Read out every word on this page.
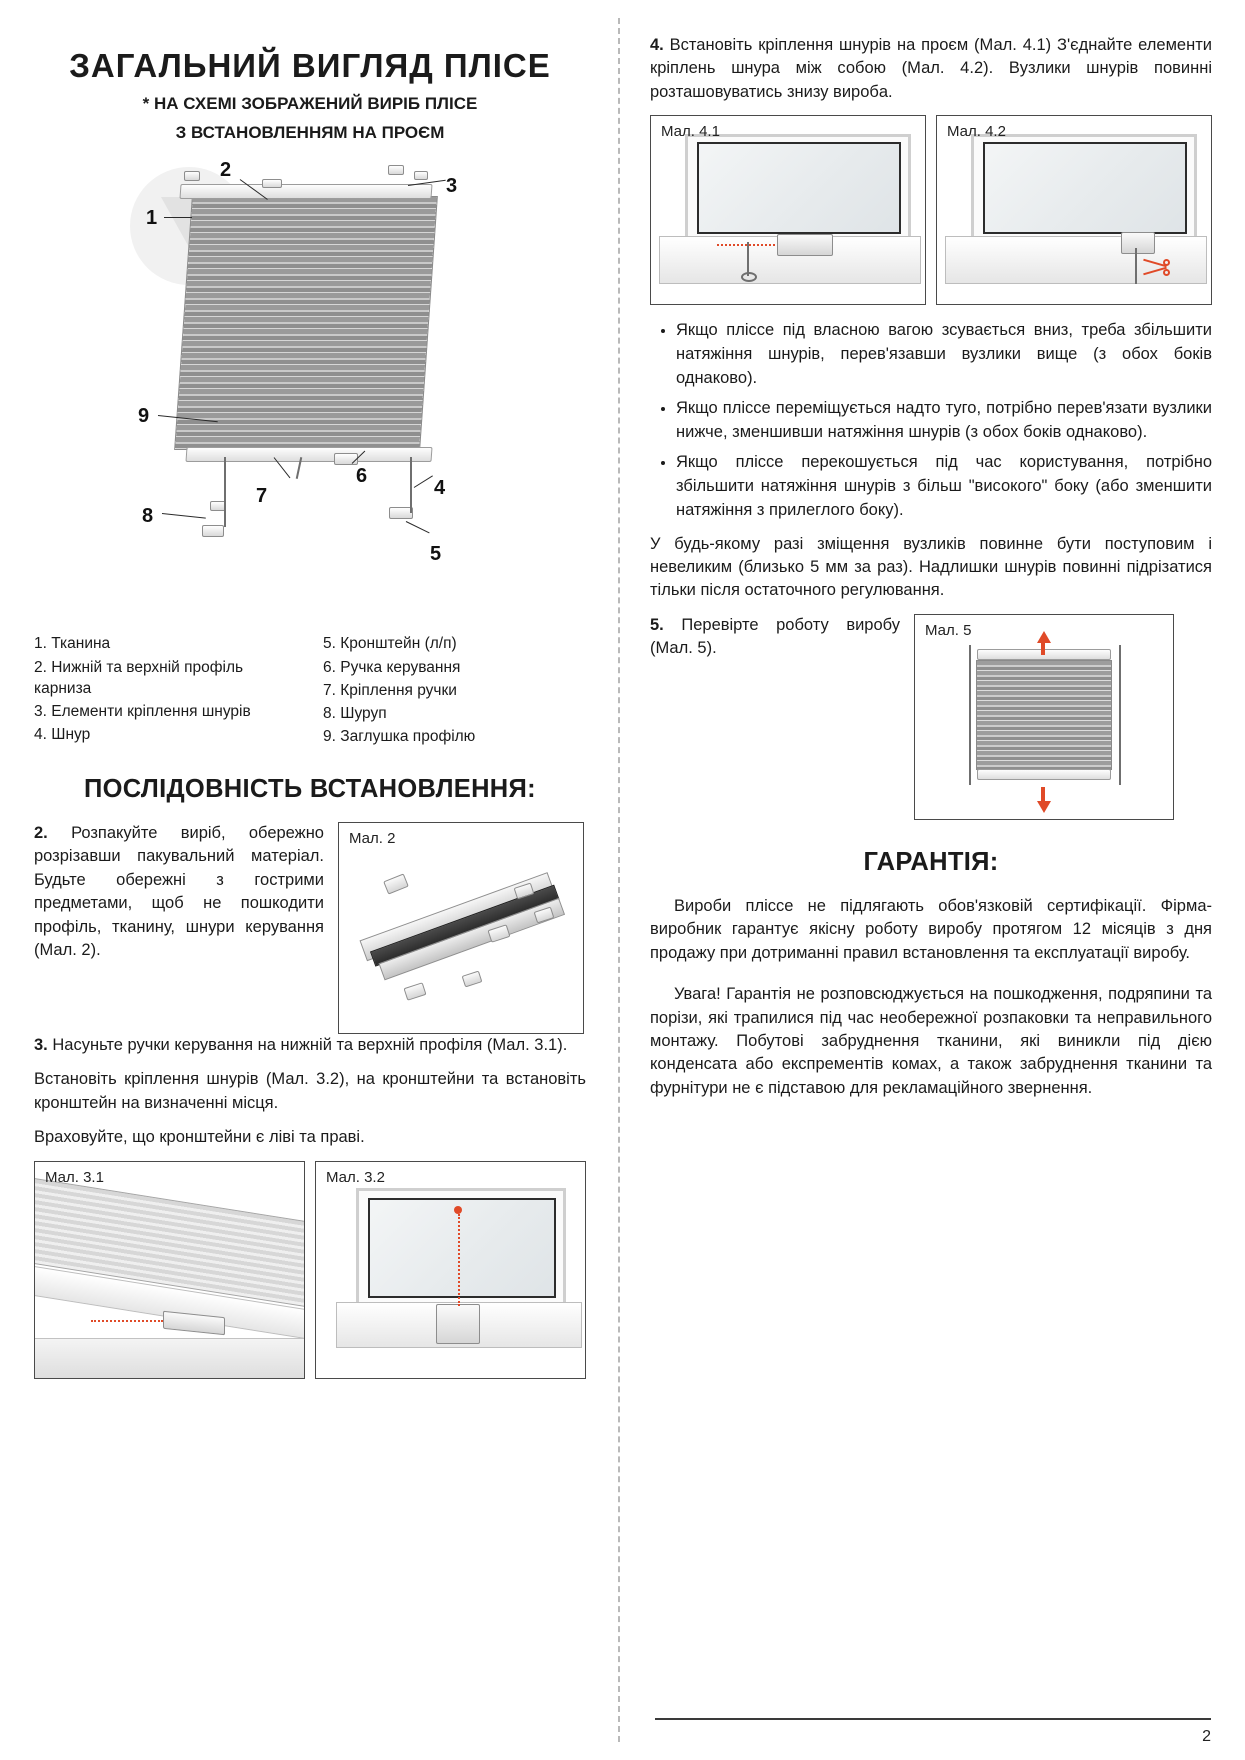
ЗАГАЛЬНИЙ ВИГЛЯД ПЛІСЕ
* НА СХЕМІ ЗОБРАЖЕНИЙ ВИРІБ ПЛІСЕ
З ВСТАНОВЛЕННЯМ НА ПРОЄМ
1
2
3
4
5
6
7
8
9
1. Тканина
2. Нижній та верхній профіль карниза
3. Елементи кріплення шнурів
4. Шнур
5. Кронштейн (л/п)
6. Ручка керування
7. Кріплення ручки
8. Шуруп
9. Заглушка профілю
ПОСЛІДОВНІСТЬ ВСТАНОВЛЕННЯ:

2. Розпакуйте виріб, обережно розрізавши пакувальний матеріал. Будьте обережні з гострими предметами, щоб не пошкодити профіль, тканину, шнури керування (Мал. 2).

Мал. 2

3. Насуньте ручки керування на нижній та верхній профіля (Мал. 3.1).

Встановіть кріплення шнурів (Мал. 3.2), на кронштейни та встановіть кронштейн на визначенні місця.

Враховуйте, що кронштейни є ліві та праві.

Мал. 3.1	Мал. 3.2

4. Встановіть кріплення шнурів на проєм (Мал. 4.1) З'єднайте елементи кріплень шнура між собою (Мал. 4.2). Вузлики шнурів повинні розташовуватись знизу виробa.

Мал. 4.1	Мал. 4.2
• Якщо пліссе під власною вагою зсувається вниз, треба збільшити натяжіння шнурів, перев'язавши вузлики вище (з обох боків однаково).
• Якщо пліссе переміщується надто туго, потрібно перев'язати вузлики нижче, зменшивши натяжіння шнурів (з обох боків однаково).
• Якщо пліссе перекошується під час користування, потрібно збільшити натяжіння шнурів з більш "високого" боку (або зменшити натяжіння з прилеглого боку).

У будь-якому разі зміщення вузликів повинне бути поступовим і невеликим (близько 5 мм за раз). Надлишки шнурів повинні підрізатися тільки після остаточного регулювання.

5. Перевірте роботу виробу (Мал. 5).

Мал. 5
ГАРАНТІЯ:

Вироби пліссе не підлягають обов'язковій сертифікації. Фірма-виробник гарантує якісну роботу виробу протягом 12 місяців з дня продажу при дотриманні правил встановлення та експлуатації виробу.

Увага! Гарантія не розповсюджується на пошкодження, подряпини та порізи, які трапилися під час необережної розпаковки та неправильного монтажу. Побутові забруднення тканини, які виникли під дією конденсата або експрементів комах, а також забруднення тканини та фурнітури не є підставою для рекламаційного звернення.

2
